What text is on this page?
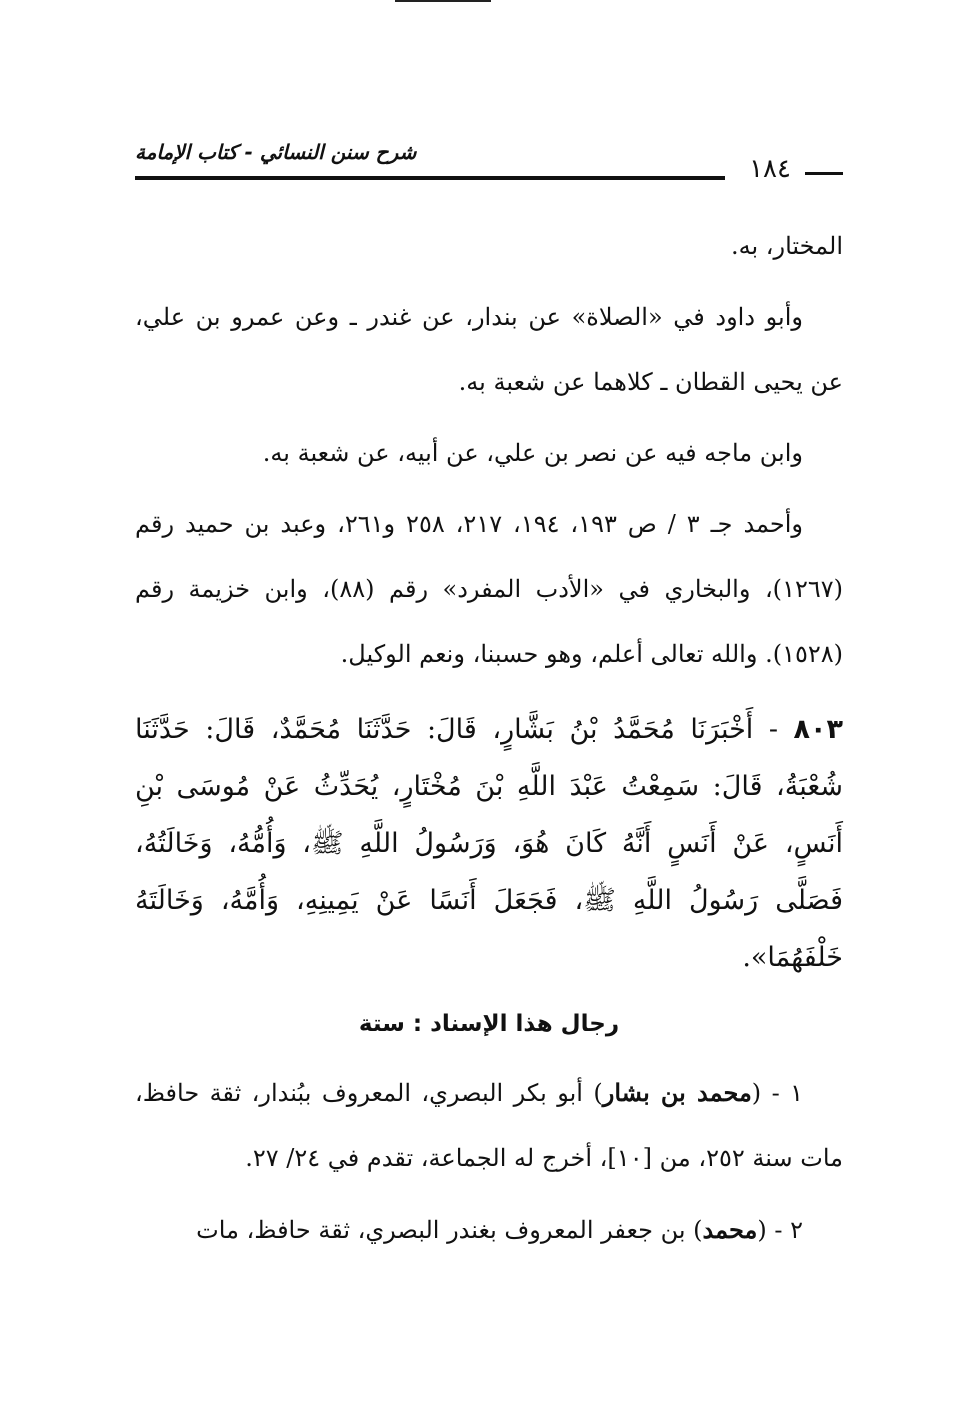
شرح سنن النسائي - كتاب الإمامة
١٨٤

المختار، به.

وأبو داود في «الصلاة» عن بندار، عن غندر ـ وعن عمرو بن علي، عن يحيى القطان ـ كلاهما عن شعبة به.

وابن ماجه فيه عن نصر بن علي، عن أبيه، عن شعبة به.

وأحمد جـ ٣ / ص ١٩٣، ١٩٤، ٢١٧، ٢٥٨ و٢٦١، وعبد بن حميد رقم (١٢٦٧)، والبخاري في «الأدب المفرد» رقم (٨٨)، وابن خزيمة رقم (١٥٢٨). والله تعالى أعلم، وهو حسبنا، ونعم الوكيل.

٨٠٣ - أَخْبَرَنَا مُحَمَّدُ بْنُ بَشَّارٍ، قَالَ: حَدَّثَنَا مُحَمَّدٌ، قَالَ: حَدَّثَنَا شُعْبَةُ، قَالَ: سَمِعْتُ عَبْدَ اللَّهِ بْنَ مُخْتَارٍ، يُحَدِّثُ عَنْ مُوسَى بْنِ أَنَسٍ، عَنْ أَنَسٍ أَنَّهُ كَانَ هُوَ، وَرَسُولُ اللَّهِ ﷺ، وَأُمُّهُ، وَخَالَتُهُ، فَصَلَّى رَسُولُ اللَّهِ ﷺ، فَجَعَلَ أَنَسًا عَنْ يَمِينِهِ، وَأُمَّهُ، وَخَالَتَهُ خَلْفَهُمَا».
رجال هذا الإسناد : ستة

١ - (محمد بن بشار) أبو بكر البصري، المعروف ببُندار، ثقة حافظ، مات سنة ٢٥٢، من [١٠]، أخرج له الجماعة، تقدم في ٢٤/ ٢٧.

٢ - (محمد) بن جعفر المعروف بغندر البصري، ثقة حافظ، مات
